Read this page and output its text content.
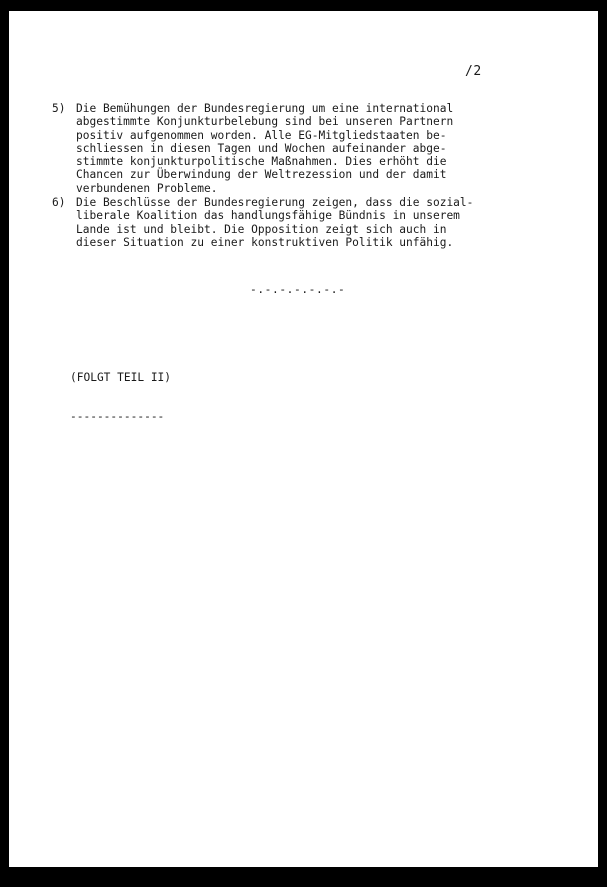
/2
5) Die Bemühungen der Bundesregierung um eine international
abgestimmte Konjunkturbelebung sind bei unseren Partnern
positiv aufgenommen worden. Alle EG-Mitgliedstaaten be-
schliessen in diesen Tagen und Wochen aufeinander abge-
stimmte konjunkturpolitische Maßnahmen. Dies erhöht die
Chancen zur Überwindung der Weltrezession und der damit
verbundenen Probleme.
6) Die Beschlüsse der Bundesregierung zeigen, dass die sozial-
liberale Koalition das handlungsfähige Bündnis in unserem
Lande ist und bleibt. Die Opposition zeigt sich auch in
dieser Situation zu einer konstruktiven Politik unfähig.
-.-.-.-.-.-.-

(FOLGT TEIL II)

--------------
